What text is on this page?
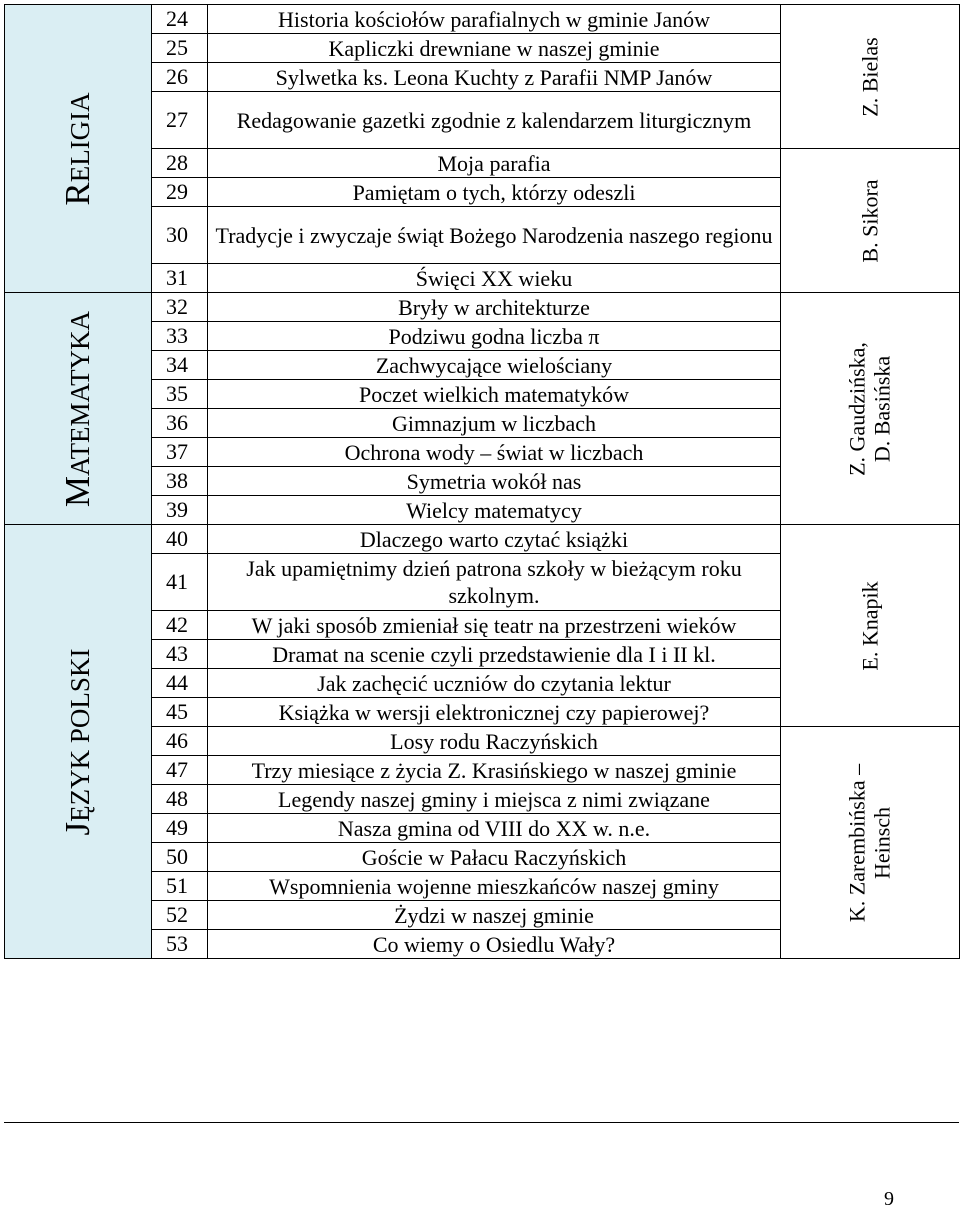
RELIGIA	24	Historia kościołów parafialnych w gminie Janów	Z. Bielas

	25	Kapliczki drewniane w naszej gminie	
	26	Sylwetka ks. Leona Kuchty z Parafii NMP Janów	
	27	Redagowanie gazetki zgodnie z kalendarzem liturgicznym	
	28	Moja parafia	B. Sikora

	29	Pamiętam o tych, którzy odeszli	
	30	Tradycje i zwyczaje świąt Bożego Narodzenia naszego regionu	
	31	Święci XX wieku	

MATEMATYKA	32	Bryły w architekturze	Z. Gaudzińska, D. Basińska

	33	Podziwu godna liczba π	
	34	Zachwycające wielościany	
	35	Poczet wielkich matematyków	
	36	Gimnazjum w liczbach	
	37	Ochrona wody – świat w liczbach	
	38	Symetria wokół nas	
	39	Wielcy matematycy	

JĘZYK POLSKI	40	Dlaczego warto czytać książki	E. Knapik

	41	Jak upamiętnimy dzień patrona szkoły w bieżącym roku szkolnym.	
	42	W jaki sposób zmieniał się teatr na przestrzeni wieków	
	43	Dramat na scenie czyli przedstawienie dla I i II kl.	
	44	Jak zachęcić uczniów do czytania lektur	
	45	Książka w wersji elektronicznej czy papierowej?	
	46	Losy rodu Raczyńskich	K. Zarembińska – Heinsch

	47	Trzy miesiące z życia Z. Krasińskiego w naszej gminie	
	48	Legendy naszej gminy i miejsca z nimi związane	
	49	Nasza gmina od VIII do XX w. n.e.	
	50	Goście w Pałacu Raczyńskich	
	51	Wspomnienia wojenne mieszkańców naszej gminy	
	52	Żydzi w naszej gminie	
	53	Co wiemy o Osiedlu Wały?	
9
